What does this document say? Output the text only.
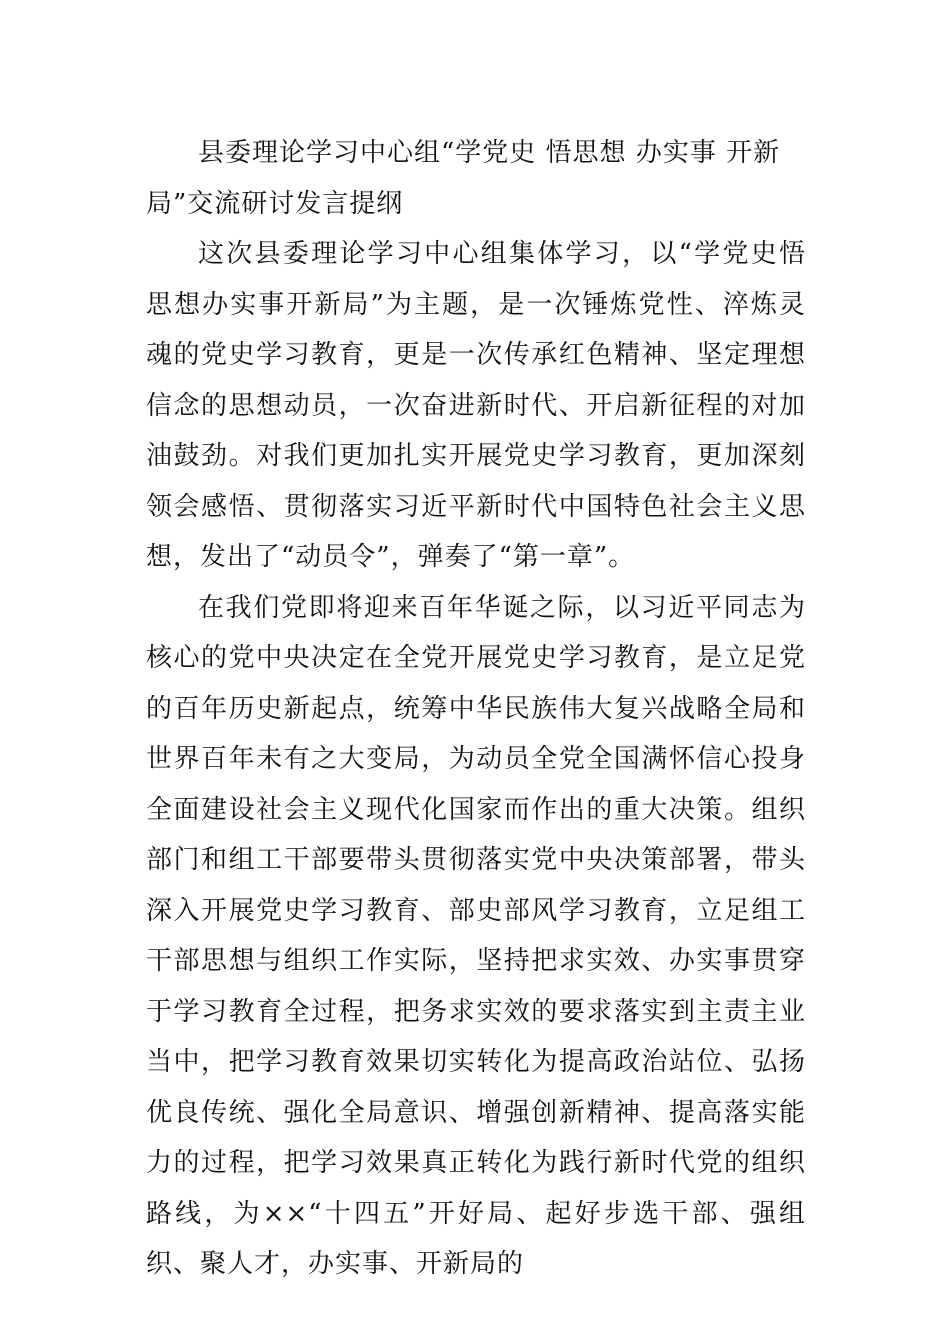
县委理论学习中心组“学党史 悟思想 办实事 开新局”交流研讨发言提纲

这次县委理论学习中心组集体学习，以“学党史悟思想办实事开新局”为主题，是一次锤炼党性、淬炼灵魂的党史学习教育，更是一次传承红色精神、坚定理想信念的思想动员，一次奋进新时代、开启新征程的对加油鼓劲。对我们更加扎实开展党史学习教育，更加深刻领会感悟、贯彻落实习近平新时代中国特色社会主义思想，发出了“动员令”，弹奏了“第一章”。

在我们党即将迎来百年华诞之际，以习近平同志为核心的党中央决定在全党开展党史学习教育，是立足党的百年历史新起点，统筹中华民族伟大复兴战略全局和世界百年未有之大变局，为动员全党全国满怀信心投身全面建设社会主义现代化国家而作出的重大决策。组织部门和组工干部要带头贯彻落实党中央决策部署，带头深入开展党史学习教育、部史部风学习教育，立足组工干部思想与组织工作实际，坚持把求实效、办实事贯穿于学习教育全过程，把务求实效的要求落实到主责主业当中，把学习教育效果切实转化为提高政治站位、弘扬优良传统、强化全局意识、增强创新精神、提高落实能力的过程，把学习效果真正转化为践行新时代党的组织路线，为××“十四五”开好局、起好步选干部、强组织、聚人才，办实事、开新局的
